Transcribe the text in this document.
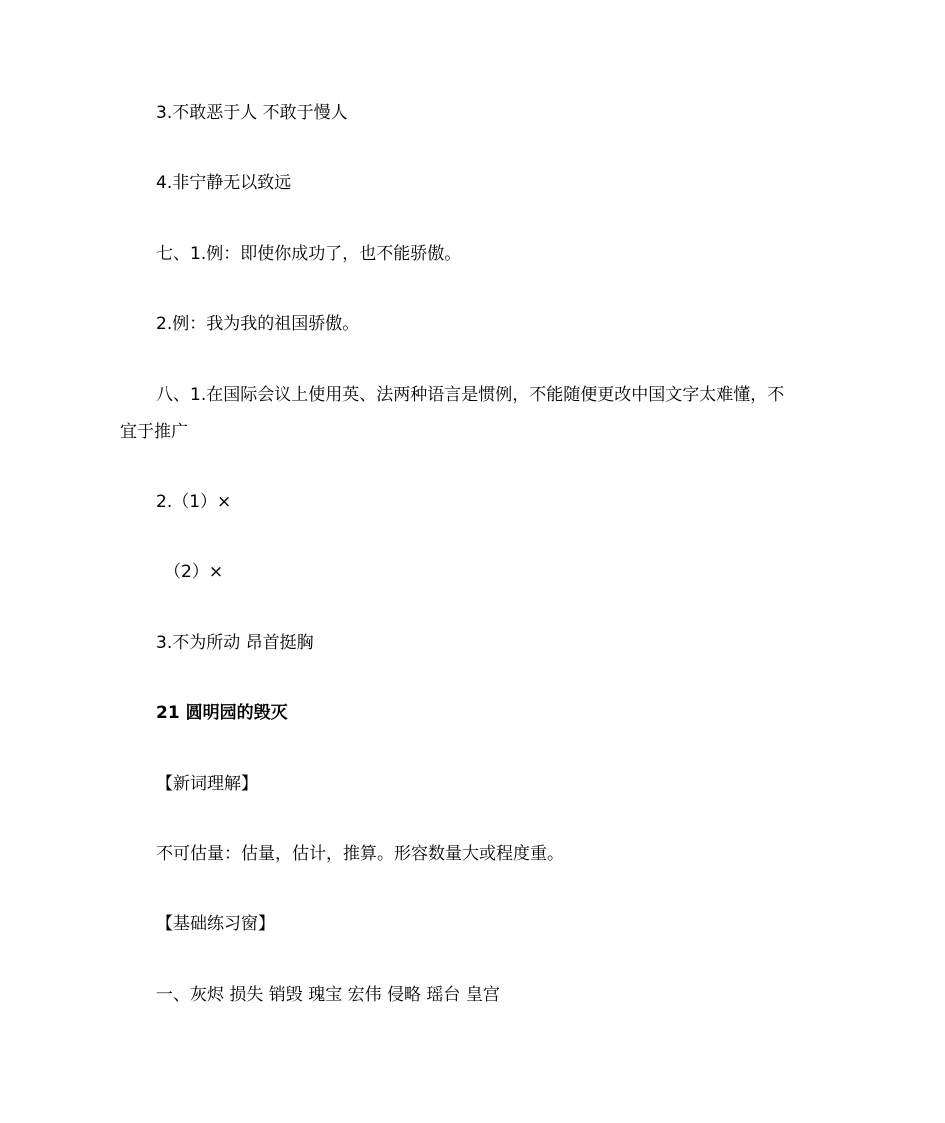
3.不敢恶于人 不敢于慢人
4.非宁静无以致远
七、1.例：即使你成功了，也不能骄傲。
2.例：我为我的祖国骄傲。
八、1.在国际会议上使用英、法两种语言是惯例，不能随便更改中国文字太难懂，不
宜于推广
2.（1）×
（2）×
3.不为所动 昂首挺胸
21 圆明园的毁灭
【新词理解】
不可估量：估量，估计，推算。形容数量大或程度重。
【基础练习窗】
一、灰烬 损失 销毁 瑰宝 宏伟 侵略 瑶台 皇宫
